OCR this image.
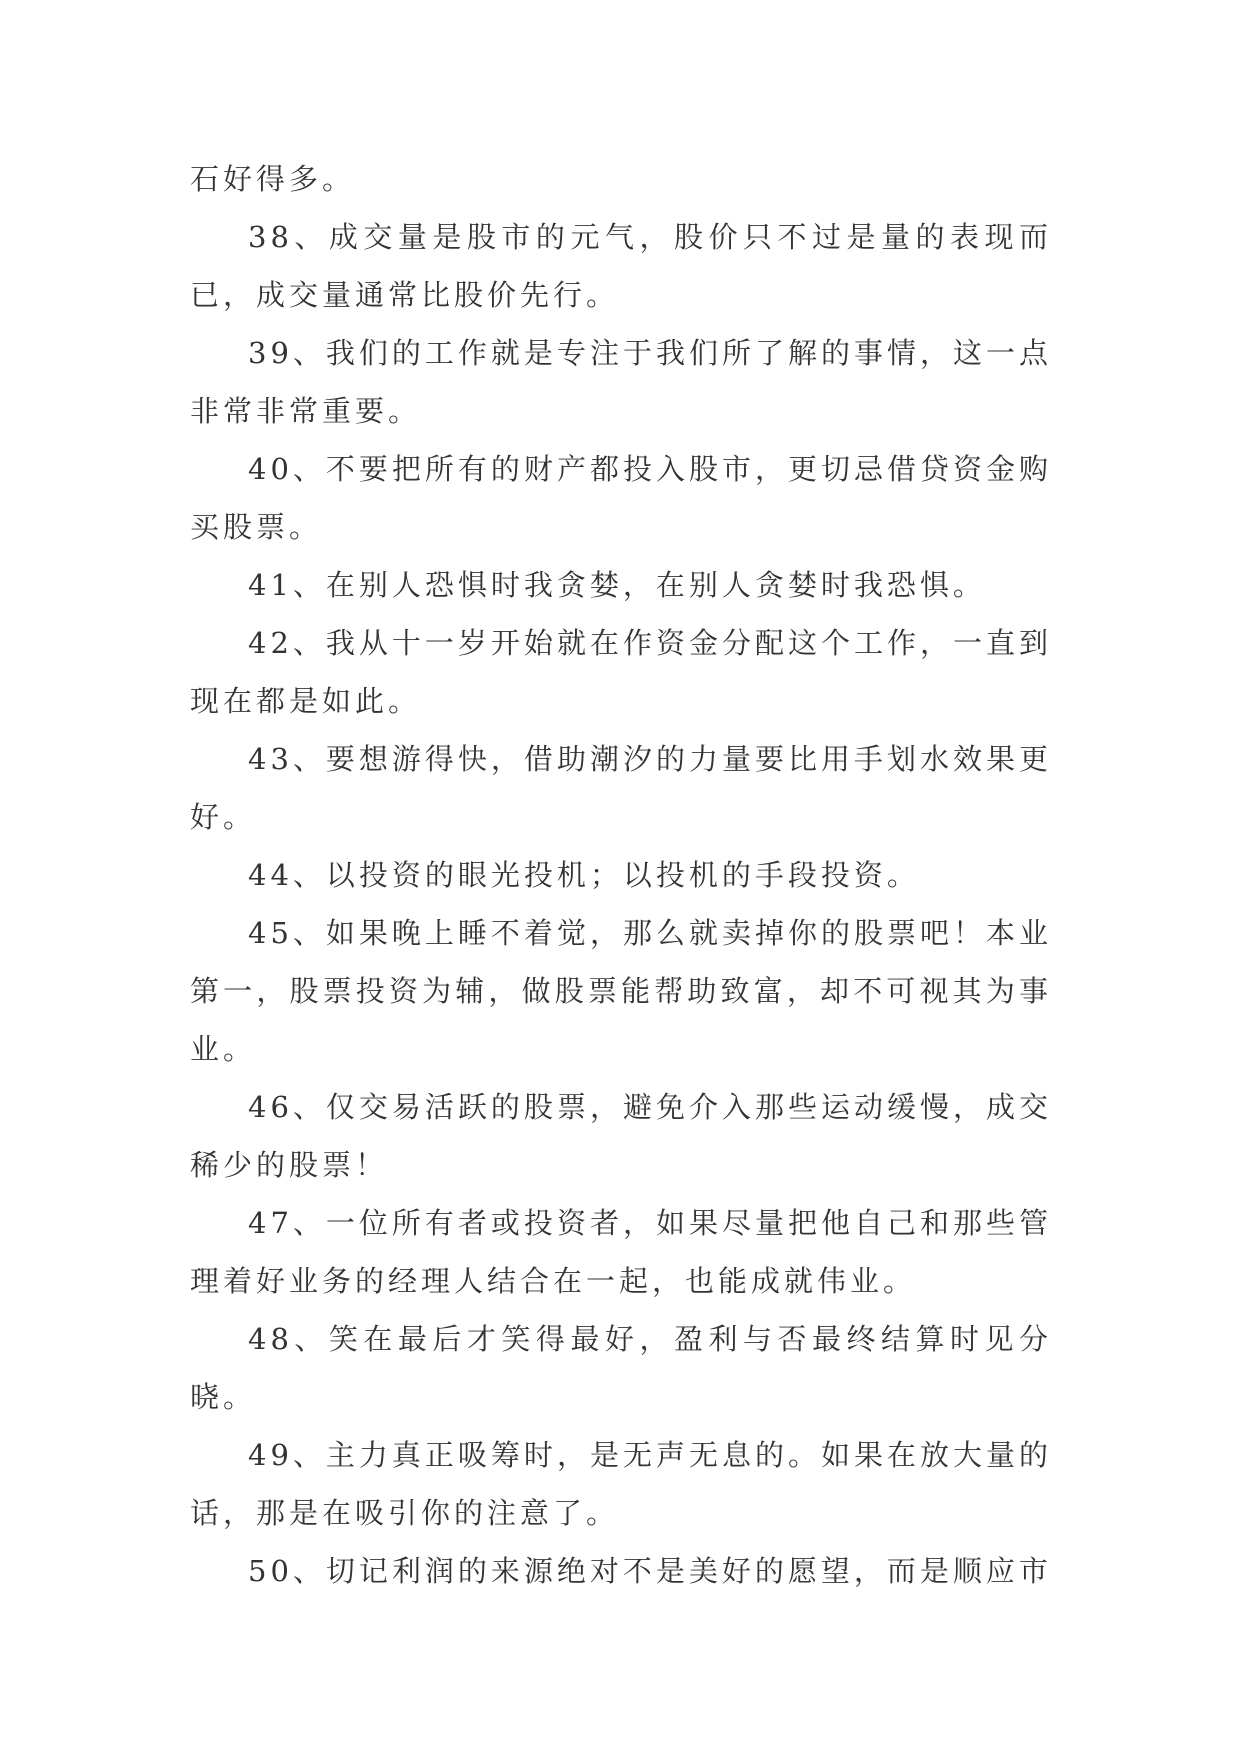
石好得多。

38、成交量是股市的元气，股价只不过是量的表现而已，成交量通常比股价先行。

39、我们的工作就是专注于我们所了解的事情，这一点非常非常重要。

40、不要把所有的财产都投入股市，更切忌借贷资金购买股票。

41、在别人恐惧时我贪婪，在别人贪婪时我恐惧。

42、我从十一岁开始就在作资金分配这个工作，一直到现在都是如此。

43、要想游得快，借助潮汐的力量要比用手划水效果更好。

44、以投资的眼光投机；以投机的手段投资。

45、如果晚上睡不着觉，那么就卖掉你的股票吧！本业第一，股票投资为辅，做股票能帮助致富，却不可视其为事业。

46、仅交易活跃的股票，避免介入那些运动缓慢，成交稀少的股票！

47、一位所有者或投资者，如果尽量把他自己和那些管理着好业务的经理人结合在一起，也能成就伟业。

48、笑在最后才笑得最好，盈利与否最终结算时见分晓。

49、主力真正吸筹时，是无声无息的。如果在放大量的话，那是在吸引你的注意了。

50、切记利润的来源绝对不是美好的愿望，而是顺应市
